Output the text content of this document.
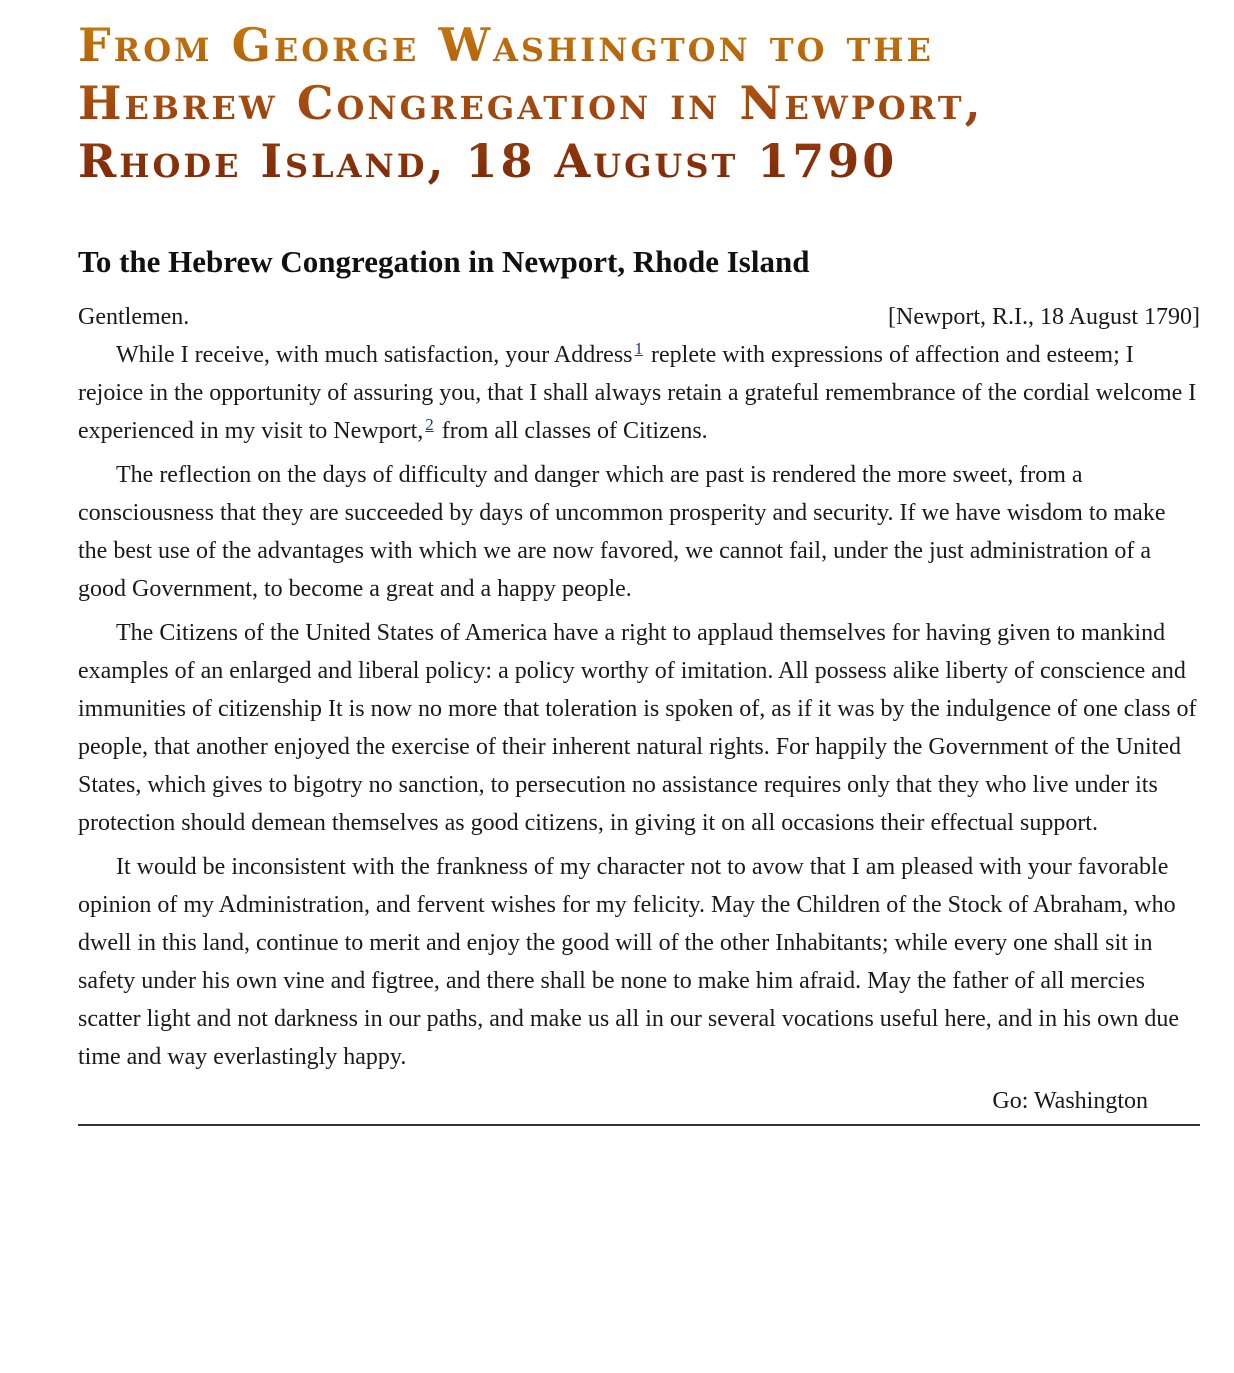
From George Washington to the Hebrew Congregation in Newport, Rhode Island, 18 August 1790
To the Hebrew Congregation in Newport, Rhode Island
Gentlemen.	[Newport, R.I., 18 August 1790]

While I receive, with much satisfaction, your Address $^1$ replete with expressions of affection and esteem; I rejoice in the opportunity of assuring you, that I shall always retain a grateful remembrance of the cordial welcome I experienced in my visit to Newport, $^2$ from all classes of Citizens.

The reflection on the days of difficulty and danger which are past is rendered the more sweet, from a consciousness that they are succeeded by days of uncommon prosperity and security. If we have wisdom to make the best use of the advantages with which we are now favored, we cannot fail, under the just administration of a good Government, to become a great and a happy people.

The Citizens of the United States of America have a right to applaud themselves for having given to mankind examples of an enlarged and liberal policy: a policy worthy of imitation. All possess alike liberty of conscience and immunities of citizenship It is now no more that toleration is spoken of, as if it was by the indulgence of one class of people, that another enjoyed the exercise of their inherent natural rights. For happily the Government of the United States, which gives to bigotry no sanction, to persecution no assistance requires only that they who live under its protection should demean themselves as good citizens, in giving it on all occasions their effectual support.

It would be inconsistent with the frankness of my character not to avow that I am pleased with your favorable opinion of my Administration, and fervent wishes for my felicity. May the Children of the Stock of Abraham, who dwell in this land, continue to merit and enjoy the good will of the other Inhabitants; while every one shall sit in safety under his own vine and figtree, and there shall be none to make him afraid. May the father of all mercies scatter light and not darkness in our paths, and make us all in our several vocations useful here, and in his own due time and way everlastingly happy.

Go: Washington
